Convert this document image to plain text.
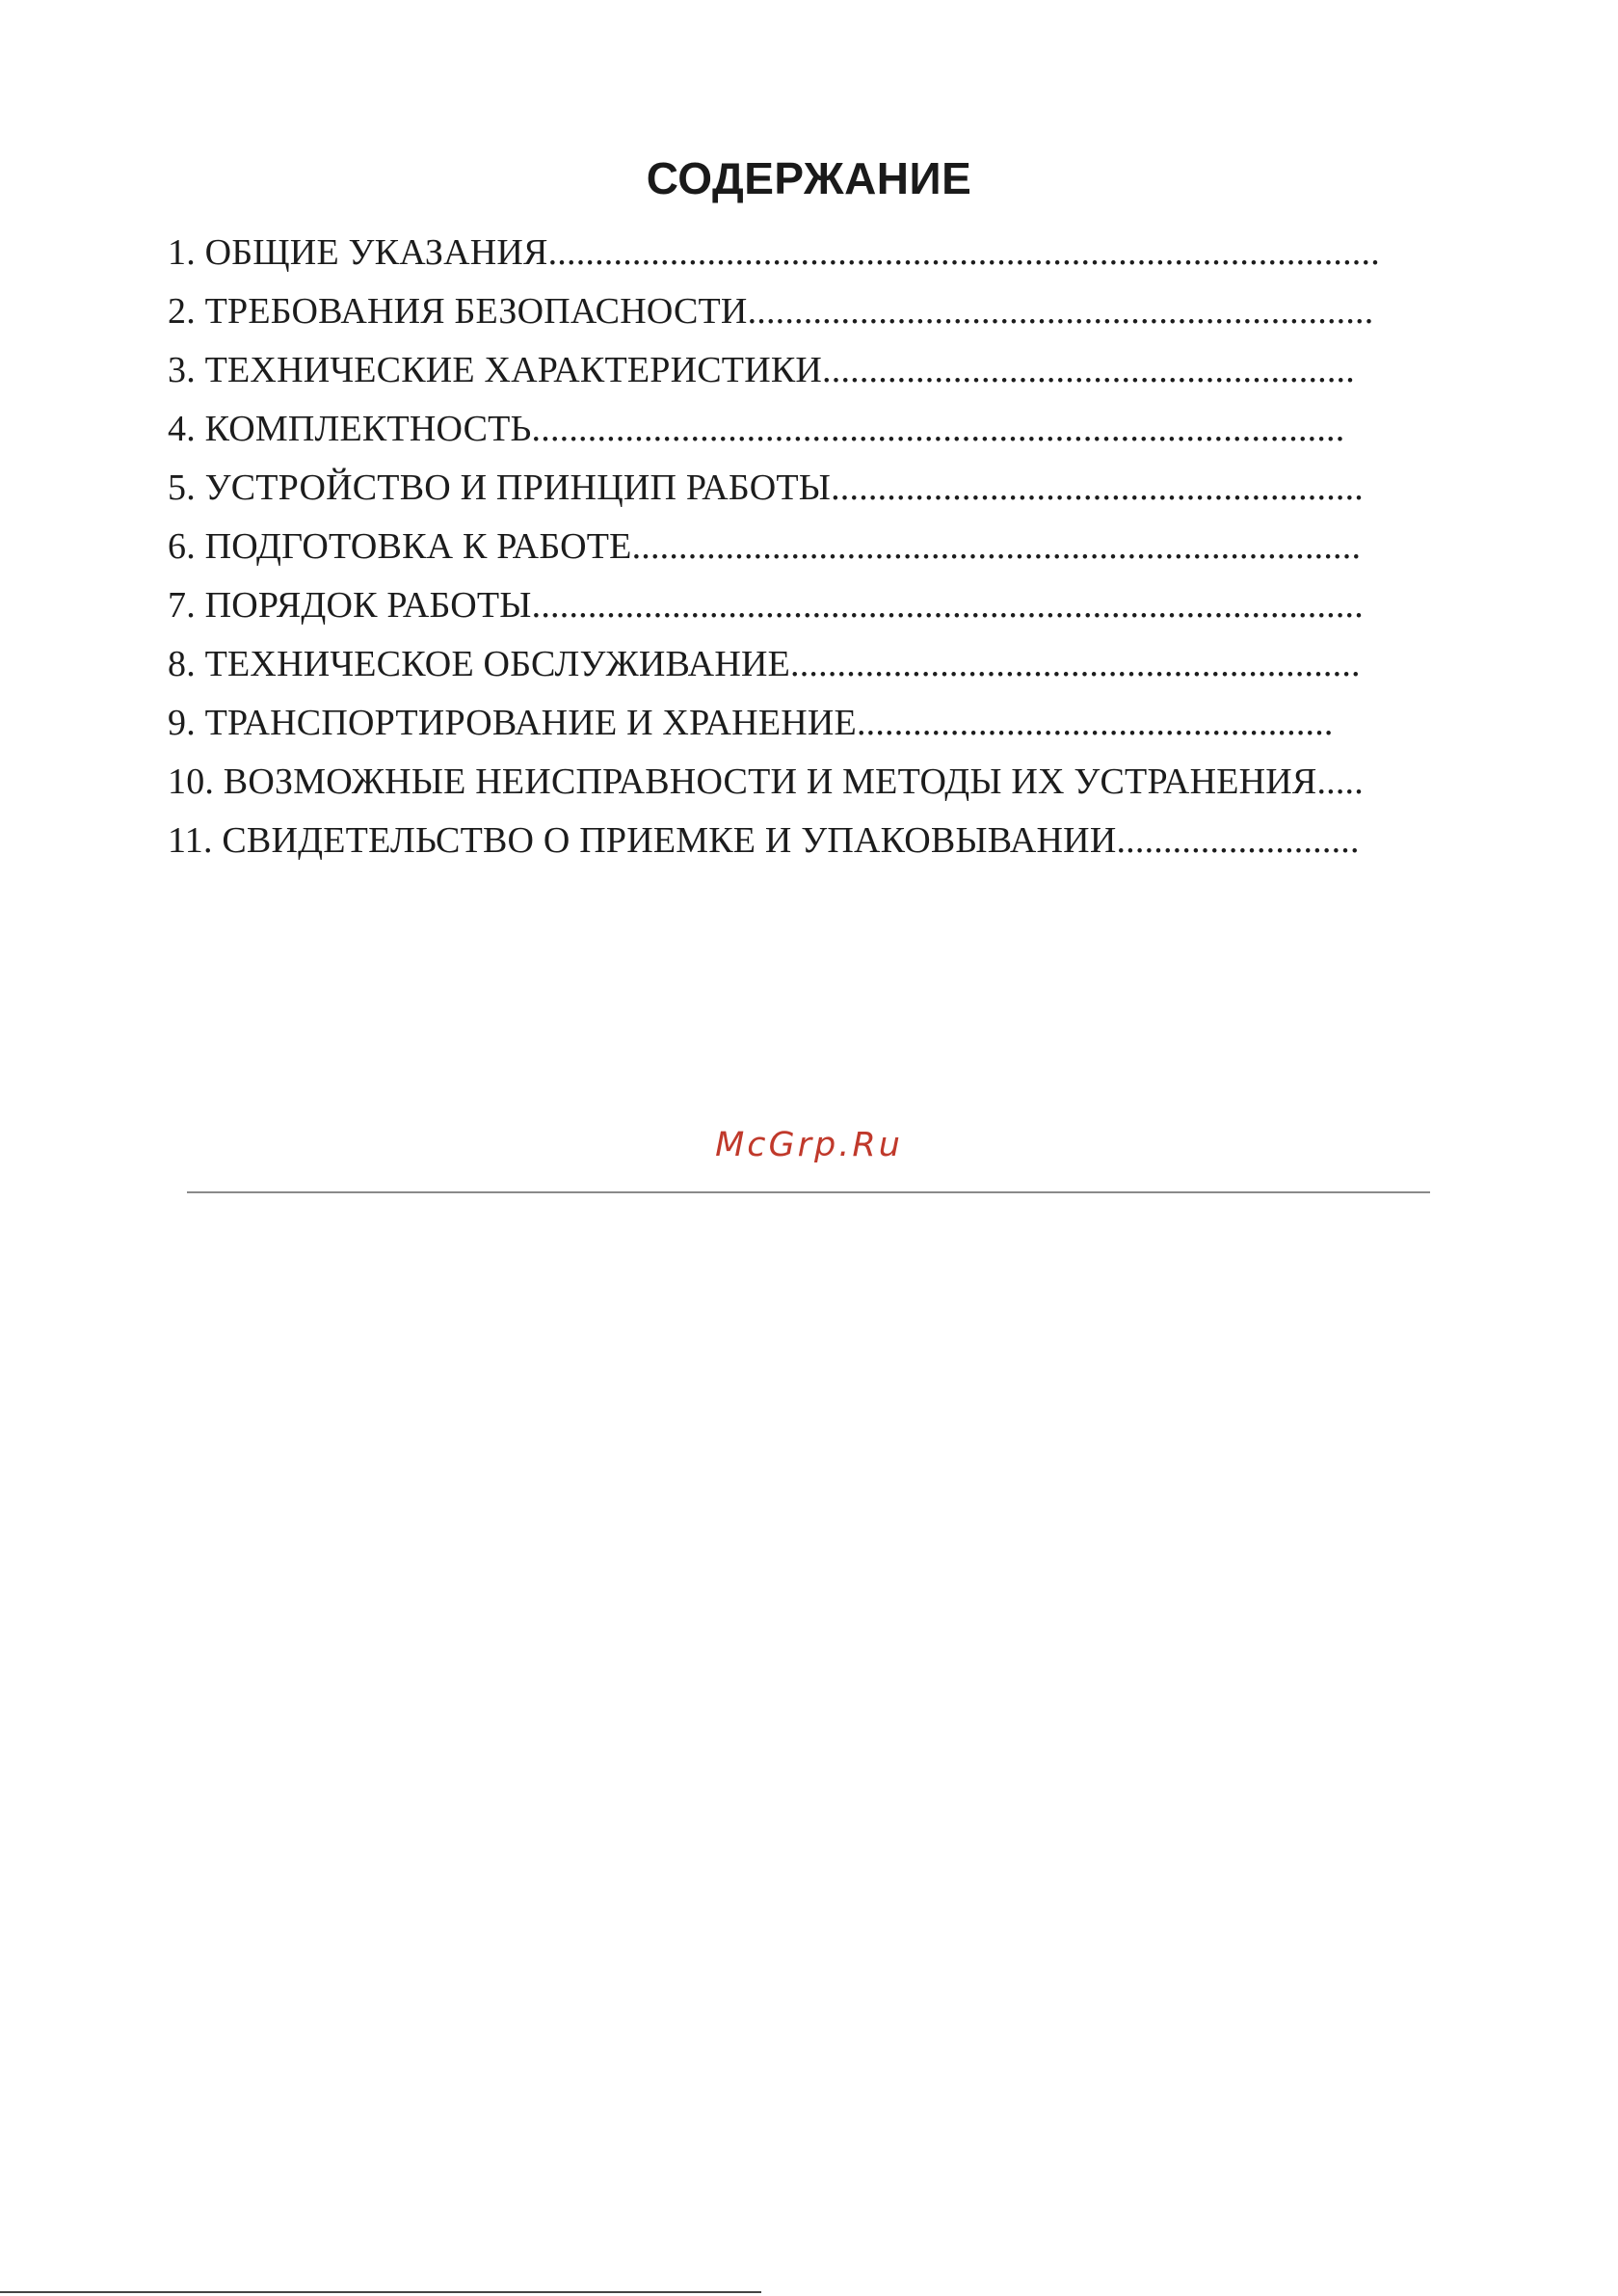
СОДЕРЖАНИЕ
1. ОБЩИЕ УКАЗАНИЯ.........................................................................................
2. ТРЕБОВАНИЯ БЕЗОПАСНОСТИ...................................................................
3. ТЕХНИЧЕСКИЕ ХАРАКТЕРИСТИКИ.........................................................
4. КОМПЛЕКТНОСТЬ.......................................................................................
5. УСТРОЙСТВО И ПРИНЦИП РАБОТЫ.........................................................
6. ПОДГОТОВКА К РАБОТЕ..............................................................................
7. ПОРЯДОК РАБОТЫ.........................................................................................
8. ТЕХНИЧЕСКОЕ ОБСЛУЖИВАНИЕ.............................................................
9. ТРАНСПОРТИРОВАНИЕ И ХРАНЕНИЕ...................................................
10. ВОЗМОЖНЫЕ НЕИСПРАВНОСТИ И МЕТОДЫ ИХ УСТРАНЕНИЯ.....
11. СВИДЕТЕЛЬСТВО О ПРИЕМКЕ И УПАКОВЫВАНИИ..........................
McGrp.Ru
